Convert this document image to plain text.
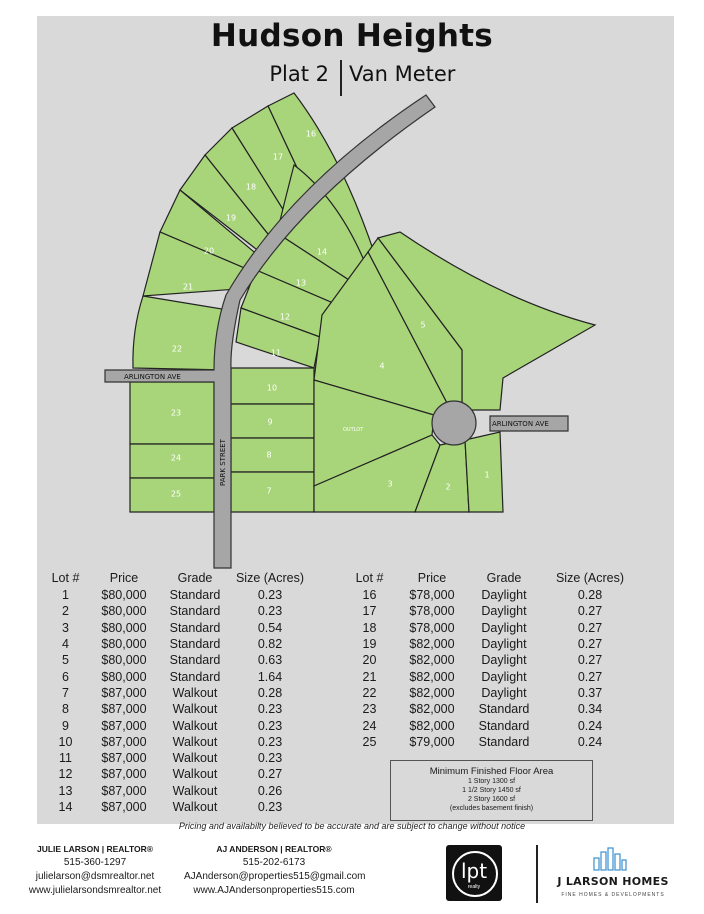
Hudson Heights
Plat 2 Van Meter
ARLINGTON AVE
ARLINGTON AVE
PARK STREET
OUTLOT
16
17
18
19
20
21
22
23
24
25
14
13
12
11
10
9
8
7
5
4
3	2
1
Lot #	Price	Grade	Size (Acres)
1	$80,000	Standard	0.23
2	$80,000	Standard	0.23
3	$80,000	Standard	0.54
4	$80,000	Standard	0.82
5	$80,000	Standard	0.63
6	$80,000	Standard	1.64
7	$87,000	Walkout	0.28
8	$87,000	Walkout	0.23
9	$87,000	Walkout	0.23
10	$87,000	Walkout	0.23
11	$87,000	Walkout	0.23
12	$87,000	Walkout	0.27
13	$87,000	Walkout	0.26
14	$87,000	Walkout	0.23
Lot #	Price	Grade	Size (Acres)
16	$78,000	Daylight	0.28
17	$78,000	Daylight	0.27
18	$78,000	Daylight	0.27
19	$82,000	Daylight	0.27
20	$82,000	Daylight	0.27
21	$82,000	Daylight	0.27
22	$82,000	Daylight	0.37
23	$82,000	Standard	0.34
24	$82,000	Standard	0.24
25	$79,000	Standard	0.24
Minimum Finished Floor Area
1 Story 1300 sf
1 1/2 Story 1450 sf
2 Story 1600 sf
(excludes basement finish)
Pricing and availabilty believed to be accurate and are subject to change without notice
JULIE LARSON | REALTOR®
515-360-1297
julielarson@dsmrealtor.net
www.julielarsondsmrealtor.net
AJ ANDERSON | REALTOR®
515-202-6173
AJAnderson@properties515@gmail.com
www.AJAndersonproperties515.com
lpt
realty	J LARSON HOMES
FINE HOMES & DEVELOPMENTS
